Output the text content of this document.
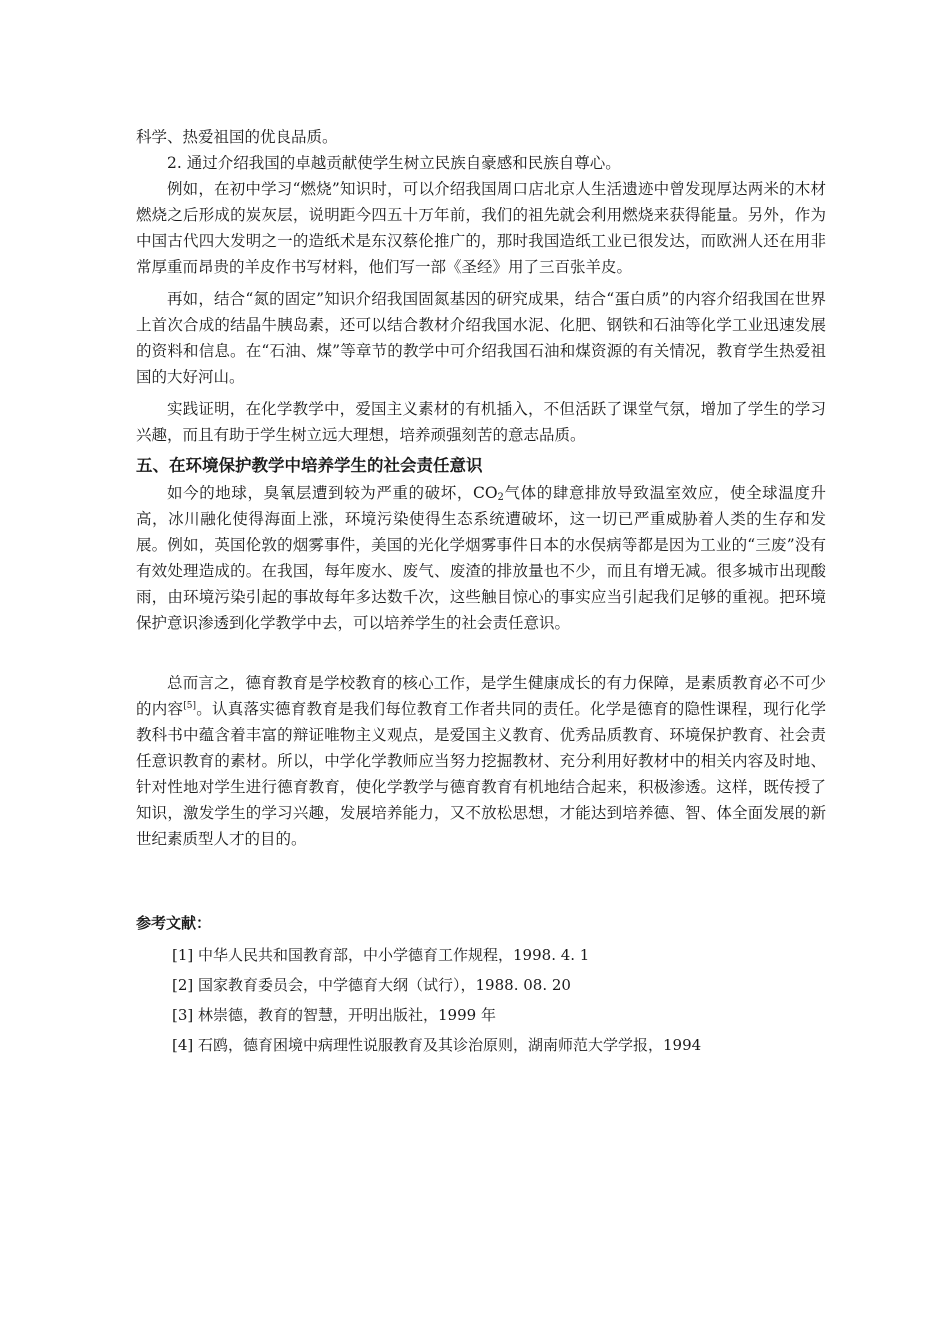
科学、热爱祖国的优良品质。

2. 通过介绍我国的卓越贡献使学生树立民族自豪感和民族自尊心。

例如，在初中学习“燃烧”知识时，可以介绍我国周口店北京人生活遗迹中曾发现厚达两米的木材燃烧之后形成的炭灰层，说明距今四五十万年前，我们的祖先就会利用燃烧来获得能量。另外，作为中国古代四大发明之一的造纸术是东汉蔡伦推广的，那时我国造纸工业已很发达，而欧洲人还在用非常厚重而昂贵的羊皮作书写材料，他们写一部《圣经》用了三百张羊皮。

再如，结合“氮的固定”知识介绍我国固氮基因的研究成果，结合“蛋白质”的内容介绍我国在世界上首次合成的结晶牛胰岛素，还可以结合教材介绍我国水泥、化肥、钢铁和石油等化学工业迅速发展的资料和信息。在“石油、煤”等章节的教学中可介绍我国石油和煤资源的有关情况，教育学生热爱祖国的大好河山。

实践证明，在化学教学中，爱国主义素材的有机插入，不但活跃了课堂气氛，增加了学生的学习兴趣，而且有助于学生树立远大理想，培养顽强刻苦的意志品质。

五、在环境保护教学中培养学生的社会责任意识

如今的地球，臭氧层遭到较为严重的破坏，$CO_2$气体的肆意排放导致温室效应，使全球温度升高，冰川融化使得海面上涨，环境污染使得生态系统遭破坏，这一切已严重威胁着人类的生存和发展。例如，英国伦敦的烟雾事件，美国的光化学烟雾事件日本的水俣病等都是因为工业的“三废”没有有效处理造成的。在我国，每年废水、废气、废渣的排放量也不少，而且有增无减。很多城市出现酸雨，由环境污染引起的事故每年多达数千次，这些触目惊心的事实应当引起我们足够的重视。把环境保护意识渗透到化学教学中去，可以培养学生的社会责任意识。

总而言之，德育教育是学校教育的核心工作，是学生健康成长的有力保障，是素质教育必不可少的内容[5]。认真落实德育教育是我们每位教育工作者共同的责任。化学是德育的隐性课程，现行化学教科书中蕴含着丰富的辩证唯物主义观点，是爱国主义教育、优秀品质教育、环境保护教育、社会责任意识教育的素材。所以，中学化学教师应当努力挖掘教材、充分利用好教材中的相关内容及时地、针对性地对学生进行德育教育，使化学教学与德育教育有机地结合起来，积极渗透。这样，既传授了知识，激发学生的学习兴趣，发展培养能力，又不放松思想，才能达到培养德、智、体全面发展的新世纪素质型人才的目的。

参考文献：

[1] 中华人民共和国教育部，中小学德育工作规程，1998. 4. 1
[2] 国家教育委员会，中学德育大纲（试行），1988. 08. 20
[3] 林崇德，教育的智慧，开明出版社，1999 年
[4] 石鸥，德育困境中病理性说服教育及其诊治原则，湖南师范大学学报，1994
